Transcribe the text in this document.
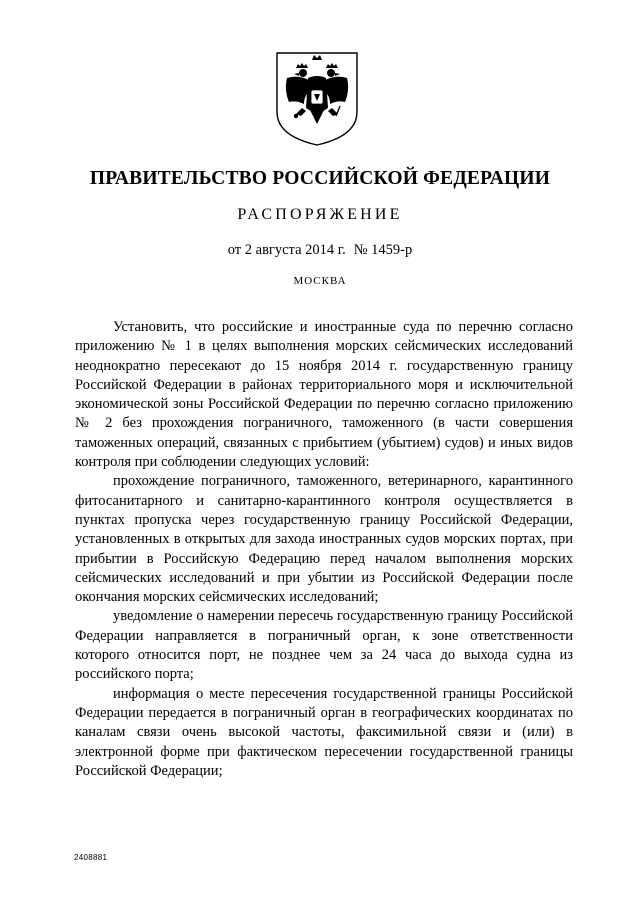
ПРАВИТЕЛЬСТВО РОССИЙСКОЙ ФЕДЕРАЦИИ
РАСПОРЯЖЕНИЕ
от 2 августа 2014 г. № 1459-р
МОСКВА

Установить, что российские и иностранные суда по перечню согласно приложению № 1 в целях выполнения морских сейсмических исследований неоднократно пересекают до 15 ноября 2014 г. государственную границу Российской Федерации в районах территориального моря и исключительной экономической зоны Российской Федерации по перечню согласно приложению № 2 без прохождения пограничного, таможенного (в части совершения таможенных операций, связанных с прибытием (убытием) судов) и иных видов контроля при соблюдении следующих условий:

прохождение пограничного, таможенного, ветеринарного, карантинного фитосанитарного и санитарно-карантинного контроля осуществляется в пунктах пропуска через государственную границу Российской Федерации, установленных в открытых для захода иностранных судов морских портах, при прибытии в Российскую Федерацию перед началом выполнения морских сейсмических исследований и при убытии из Российской Федерации после окончания морских сейсмических исследований;

уведомление о намерении пересечь государственную границу Российской Федерации направляется в пограничный орган, к зоне ответственности которого относится порт, не позднее чем за 24 часа до выхода судна из российского порта;

информация о месте пересечения государственной границы Российской Федерации передается в пограничный орган в географических координатах по каналам связи очень высокой частоты, факсимильной связи и (или) в электронной форме при фактическом пересечении государственной границы Российской Федерации;

2408881
